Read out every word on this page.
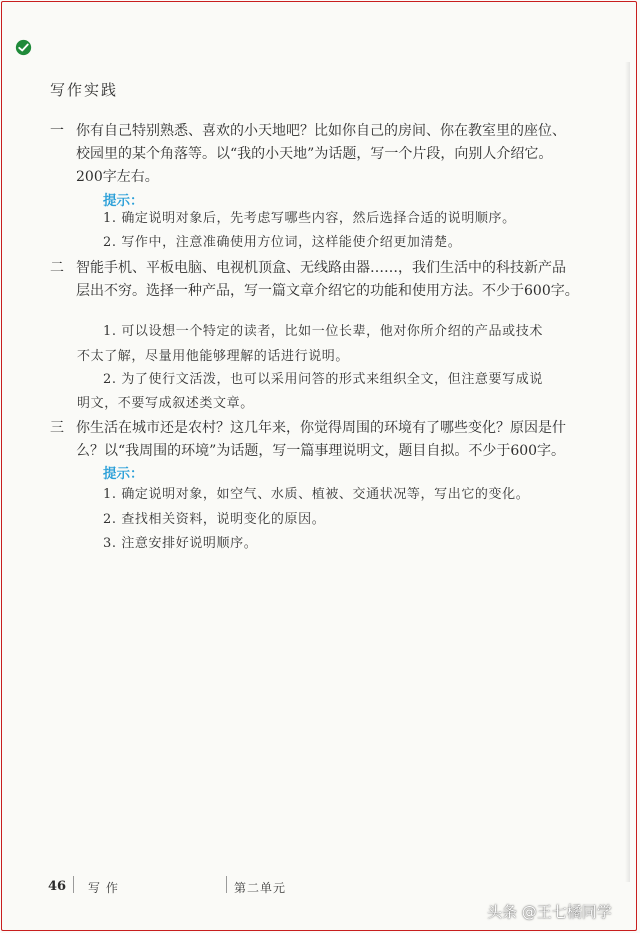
写作实践
一 你有自己特别熟悉、喜欢的小天地吧？比如你自己的房间、你在教室里的座位、
校园里的某个角落等。以“我的小天地”为话题，写一个片段，向别人介绍它。
200字左右。
提示：
1. 确定说明对象后，先考虑写哪些内容，然后选择合适的说明顺序。
2. 写作中，注意准确使用方位词，这样能使介绍更加清楚。
二 智能手机、平板电脑、电视机顶盒、无线路由器……，我们生活中的科技新产品
层出不穷。选择一种产品，写一篇文章介绍它的功能和使用方法。不少于600字。
1. 可以设想一个特定的读者，比如一位长辈，他对你所介绍的产品或技术
不太了解，尽量用他能够理解的话进行说明。
2. 为了使行文活泼，也可以采用问答的形式来组织全文，但注意要写成说
明文，不要写成叙述类文章。
三 你生活在城市还是农村？这几年来，你觉得周围的环境有了哪些变化？原因是什
么？以“我周围的环境”为话题，写一篇事理说明文，题目自拟。不少于600字。
提示：
1. 确定说明对象，如空气、水质、植被、交通状况等，写出它的变化。
2. 查找相关资料，说明变化的原因。
3. 注意安排好说明顺序。
46 写 作	第二单元
头条 @王七橘同学
